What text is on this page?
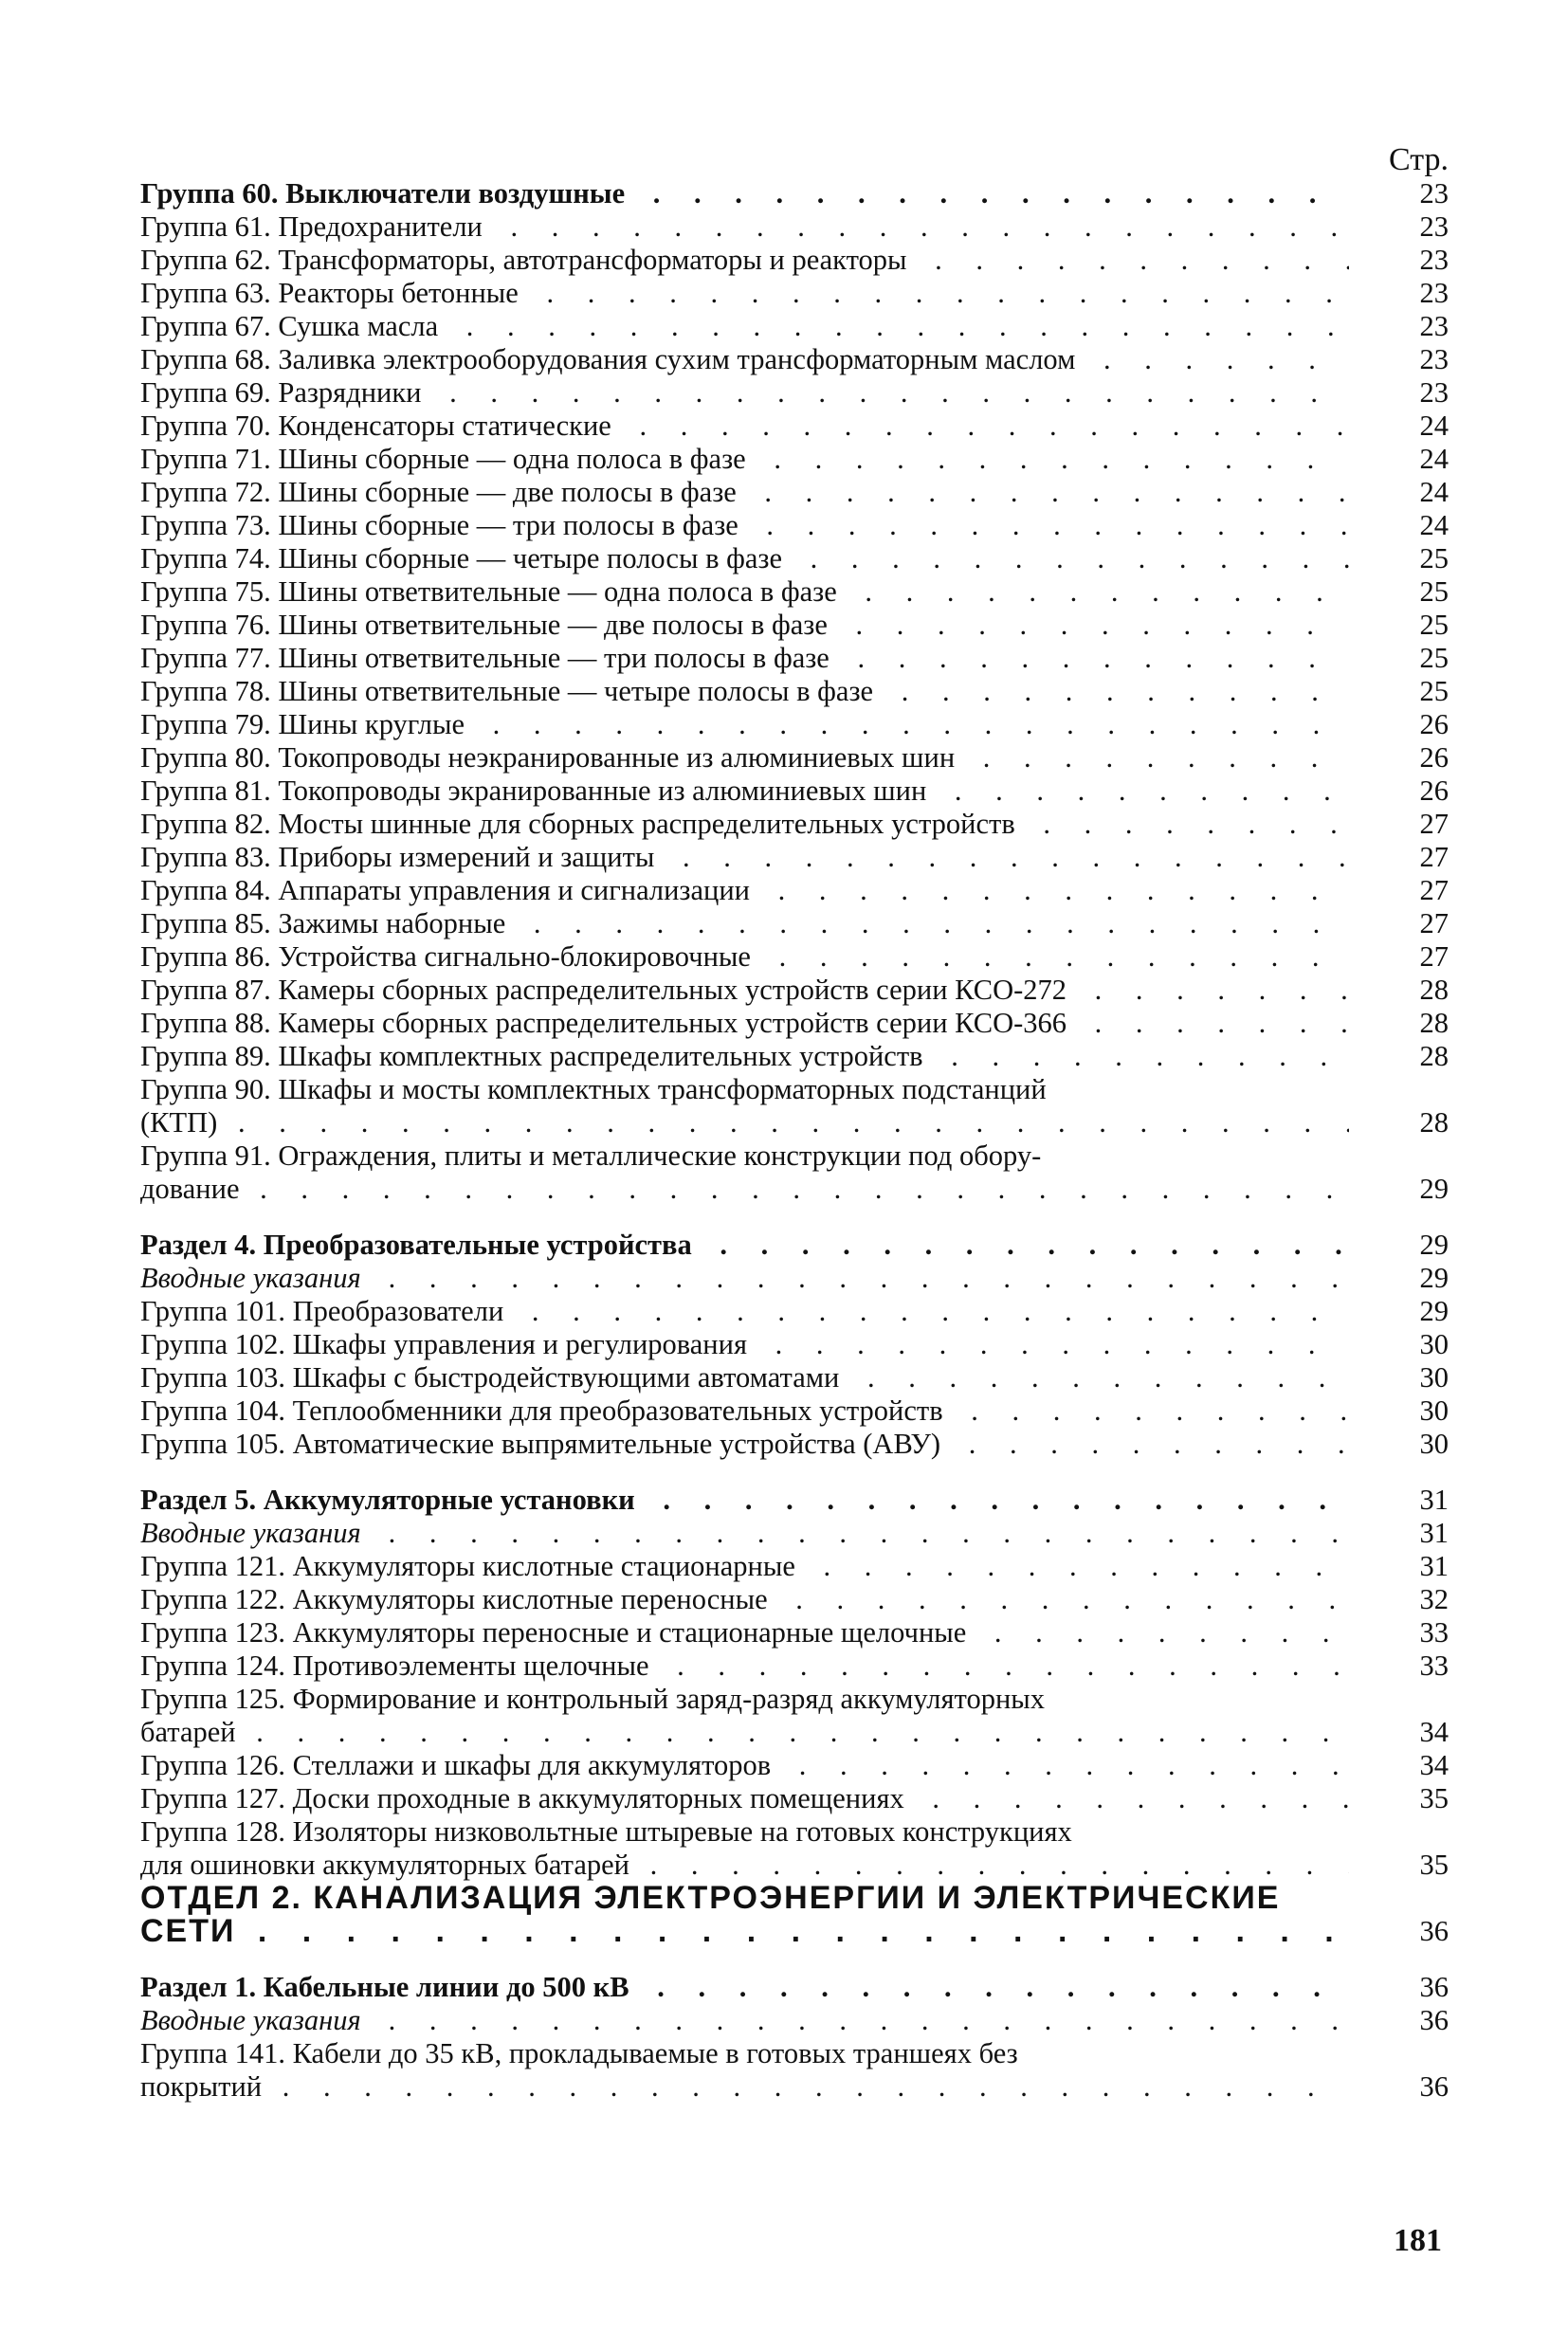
Стр.
Группа 60. Выключатели воздушные . . .	23
Группа 61. Предохранители . . .	23
Группа 62. Трансформаторы, автотрансформаторы и реакторы . . .	23
Группа 63. Реакторы бетонные . . .	23
Группа 67. Сушка масла . . .	23
Группа 68. Заливка электрооборудования сухим трансформаторным маслом . . .	23
Группа 69. Разрядники . . .	23
Группа 70. Конденсаторы статические . . .	24
Группа 71. Шины сборные — одна полоса в фазе . . .	24
Группа 72. Шины сборные — две полосы в фазе . . .	24
Группа 73. Шины сборные — три полосы в фазе . . .	24
Группа 74. Шины сборные — четыре полосы в фазе . . .	25
Группа 75. Шины ответвительные — одна полоса в фазе . . .	25
Группа 76. Шины ответвительные — две полосы в фазе . . .	25
Группа 77. Шины ответвительные — три полосы в фазе . . .	25
Группа 78. Шины ответвительные — четыре полосы в фазе . . .	25
Группа 79. Шины круглые . . .	26
Группа 80. Токопроводы неэкранированные из алюминиевых шин . . .	26
Группа 81. Токопроводы экранированные из алюминиевых шин . . .	26
Группа 82. Мосты шинные для сборных распределительных устройств . . .	27
Группа 83. Приборы измерений и защиты . . .	27
Группа 84. Аппараты управления и сигнализации . . .	27
Группа 85. Зажимы наборные . . .	27
Группа 86. Устройства сигнально-блокировочные . . .	27
Группа 87. Камеры сборных распределительных устройств серии КСО-272 . . .	28
Группа 88. Камеры сборных распределительных устройств серии КСО-366 . . .	28
Группа 89. Шкафы комплектных распределительных устройств . . .	28
Группа 90. Шкафы и мосты комплектных трансформаторных подстанций
(КТП) . . .	28
Группа 91. Ограждения, плиты и металлические конструкции под обору-
дование . . .	29
Раздел 4. Преобразовательные устройства . . .	29
Вводные указания . . .	29
Группа 101. Преобразователи . . .	29
Группа 102. Шкафы управления и регулирования . . .	30
Группа 103. Шкафы с быстродействующими автоматами . . .	30
Группа 104. Теплообменники для преобразовательных устройств . . .	30
Группа 105. Автоматические выпрямительные устройства (АВУ) . . .	30
Раздел 5. Аккумуляторные установки . . .	31
Вводные указания . . .	31
Группа 121. Аккумуляторы кислотные стационарные . . .	31
Группа 122. Аккумуляторы кислотные переносные . . .	32
Группа 123. Аккумуляторы переносные и стационарные щелочные . . .	33
Группа 124. Противоэлементы щелочные . . .	33
Группа 125. Формирование и контрольный заряд-разряд аккумуляторных
батарей . . .	34
Группа 126. Стеллажи и шкафы для аккумуляторов . . .	34
Группа 127. Доски проходные в аккумуляторных помещениях . . .	35
Группа 128. Изоляторы низковольтные штыревые на готовых конструкциях
для ошиновки аккумуляторных батарей . . .	35
ОТДЕЛ 2. КАНАЛИЗАЦИЯ ЭЛЕКТРОЭНЕРГИИ И ЭЛЕКТРИЧЕСКИЕ
СЕТИ . . .	36
Раздел 1. Кабельные линии до 500 кВ . . .	36
Вводные указания . . .	36
Группа 141. Кабели до 35 кВ, прокладываемые в готовых траншеях без
покрытий . . .	36
181
